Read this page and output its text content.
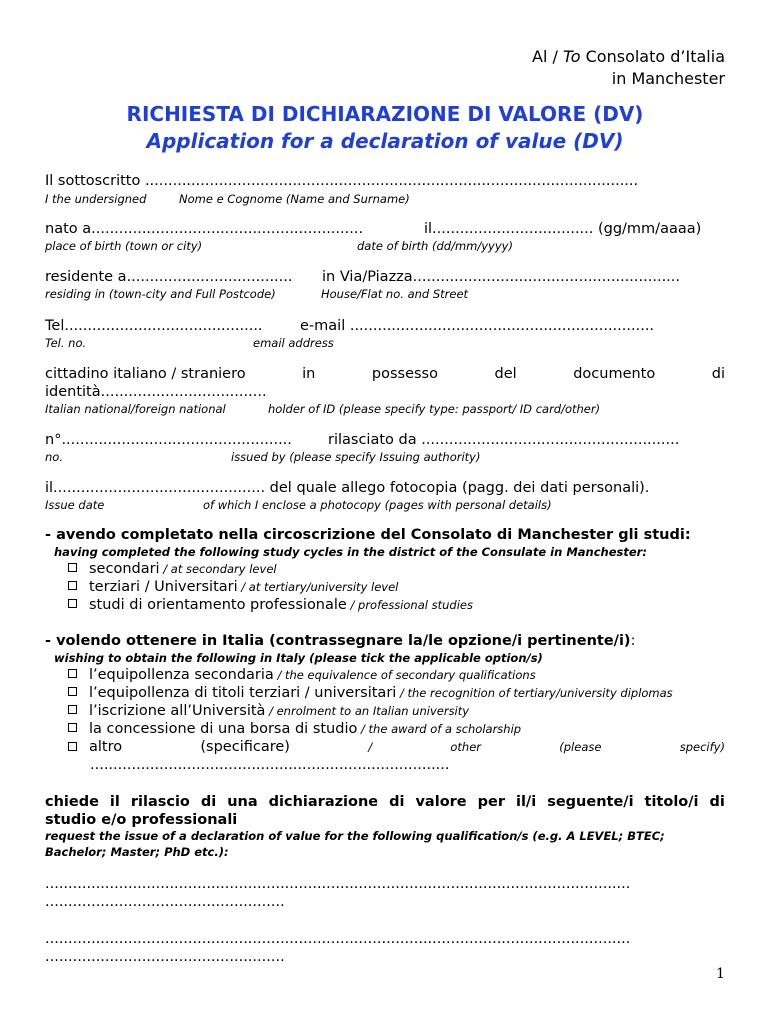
Al / To Consolato d’Italia
in Manchester
RICHIESTA DI DICHIARAZIONE DI VALORE (DV)
Application for a declaration of value (DV)
Il sottoscritto ...........................................................................................................
I the undersigned	Nome e Cognome (Name and Surname)
nato a...........................................................	il................................... (gg/mm/aaaa)
place of birth (town or city)	date of birth (dd/mm/yyyy)
residente a.................................... in Via/Piazza..........................................................
residing in (town-city and Full Postcode)	House/Flat no. and Street
Tel...........................................	e-mail ..................................................................
Tel. no.	email address
cittadino italiano / straniero	in	possesso	del	documento	di
identità....................................
Italian national/foreign national	holder of ID (please specify type: passport/ ID card/other)
n°.................................................. rilasciato da ........................................................
no.	issued by (please specify Issuing authority)
il.............................................. del quale allego fotocopia (pagg. dei dati personali).
Issue date	of which I enclose a photocopy (pages with personal details)
- avendo completato nella circoscrizione del Consolato di Manchester gli studi:
having completed the following study cycles in the district of the Consulate in Manchester:
secondari / at secondary level
terziari / Universitari / at tertiary/university level
studi di orientamento professionale / professional studies
- volendo ottenere in Italia (contrassegnare la/le opzione/i pertinente/i):
wishing to obtain the following in Italy (please tick the applicable option/s)
l’equipollenza secondaria / the equivalence of secondary qualifications
l’equipollenza di titoli terziari / universitari / the recognition of tertiary/university diplomas
l’iscrizione all’Università / enrolment to an Italian university
la concessione di una borsa di studio / the award of a scholarship
altro	(specificare)	/	other	(please	specify)
..............................................................................
chiede il rilascio di una dichiarazione di valore per il/i seguente/i titolo/i di
studio e/o professionali
request the issue of a declaration of value for the following qualification/s (e.g. A LEVEL; BTEC;
Bachelor; Master; PhD etc.):
...............................................................................................................................
....................................................
...............................................................................................................................
....................................................
1
